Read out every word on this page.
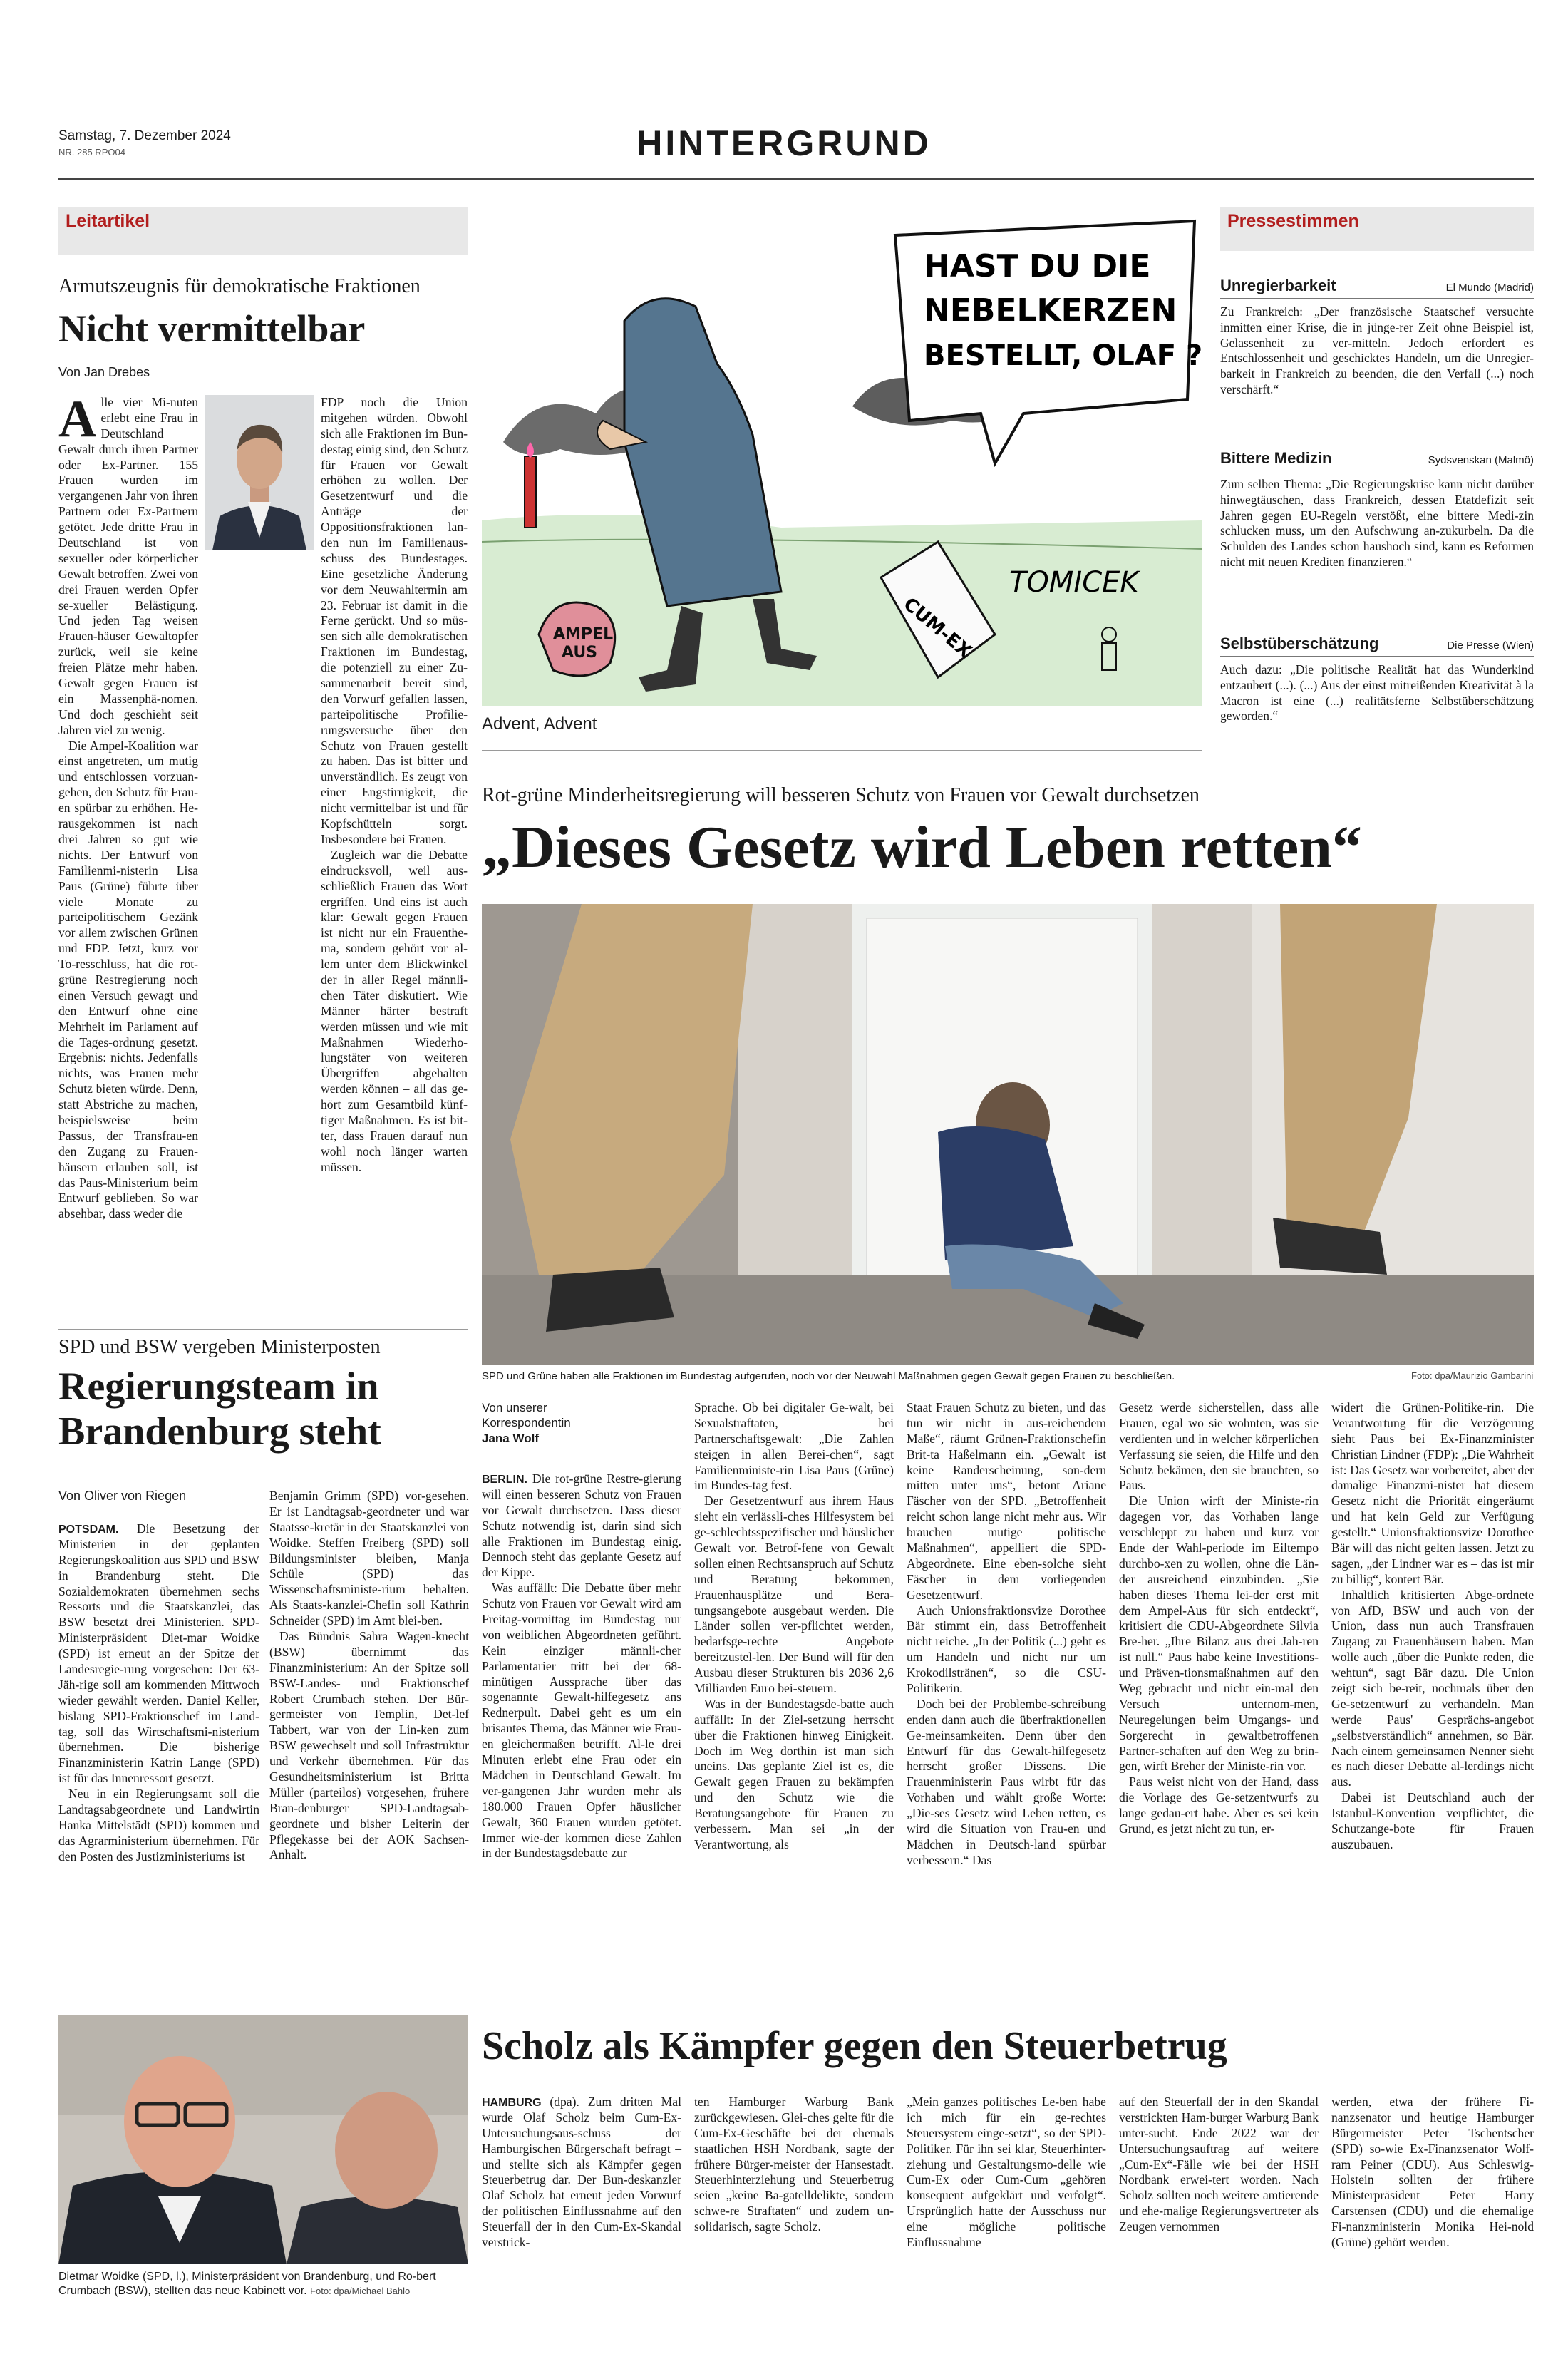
Samstag, 7. Dezember 2024
NR. 285 RPO04	HINTERGRUND
Leitartikel
Armutszeugnis für demokratische Fraktionen
Nicht vermittelbar
Von Jan Drebes
A lle vier Mi-nuten erlebt eine Frau in Deutschland Gewalt durch ihren Partner oder Ex-Partner. 155 Frauen wurden im vergangenen Jahr von ihren Partnern oder Ex-Partnern getötet. Jede dritte Frau in Deutschland ist von sexueller oder körperlicher Gewalt betroffen. Zwei von drei Frauen werden Opfer se-xueller Belästigung. Und jeden Tag weisen Frauen-häuser Gewaltopfer zurück, weil sie keine freien Plätze mehr haben. Gewalt gegen Frauen ist ein Massenphä-nomen. Und doch geschieht seit Jahren viel zu wenig.

Die Ampel-Koalition war einst angetreten, um mutig und entschlossen vorzuan-gehen, den Schutz für Frau-en spürbar zu erhöhen. He-rausgekommen ist nach drei Jahren so gut wie nichts. Der Entwurf von Familienmi-nisterin Lisa Paus (Grüne) führte über viele Monate zu parteipolitischem Gezänk vor allem zwischen Grünen und FDP. Jetzt, kurz vor To-resschluss, hat die rot-grüne Restregierung noch einen Versuch gewagt und den Entwurf ohne eine Mehrheit im Parlament auf die Tages-ordnung gesetzt. Ergebnis: nichts. Jedenfalls nichts, was Frauen mehr Schutz bieten würde. Denn, statt Abstriche zu machen, beispielsweise beim Passus, der Transfrau-en den Zugang zu Frauen-häusern erlauben soll, ist das Paus-Ministerium beim Entwurf geblieben. So war absehbar, dass weder die

FDP noch die Union mitgehen würden. Obwohl sich alle Fraktionen im Bun-destag einig sind, den Schutz für Frauen vor Gewalt erhöhen zu wollen. Der Gesetzentwurf und die Anträge der Oppositionsfraktionen lan-den nun im Familienaus-schuss des Bundestages. Eine gesetzliche Änderung vor dem Neuwahltermin am 23. Februar ist damit in die Ferne gerückt. Und so müs-sen sich alle demokratischen Fraktionen im Bundestag, die potenziell zu einer Zu-sammenarbeit bereit sind, den Vorwurf gefallen lassen, parteipolitische Profilie-rungsversuche über den Schutz von Frauen gestellt zu haben. Das ist bitter und unverständlich. Es zeugt von einer Engstirnigkeit, die nicht vermittelbar ist und für Kopfschütteln sorgt. Insbesondere bei Frauen.

Zugleich war die Debatte eindrucksvoll, weil aus-schließlich Frauen das Wort ergriffen. Und eins ist auch klar: Gewalt gegen Frauen ist nicht nur ein Frauenthe-ma, sondern gehört vor al-lem unter dem Blickwinkel der in aller Regel männli-chen Täter diskutiert. Wie Männer härter bestraft werden müssen und wie mit Maßnahmen Wiederho-lungstäter von weiteren Übergriffen abgehalten werden können – all das ge-hört zum Gesamtbild künf-tiger Maßnahmen. Es ist bit-ter, dass Frauen darauf nun wohl noch länger warten müssen.

HAST DU DIE
NEBELKERZEN
BESTELLT, OLAF ?
AMPEL
AUS	CUM-EX
TOMICEK
Advent, Advent
Pressestimmen
Unregierbarkeit	El Mundo (Madrid)
Zu Frankreich: „Der französische Staatschef versuchte inmitten einer Krise, die in jünge-rer Zeit ohne Beispiel ist, Gelassenheit zu ver-mitteln. Jedoch erfordert es Entschlossenheit und geschicktes Handeln, um die Unregier-barkeit in Frankreich zu beenden, die den Verfall (...) noch verschärft.“
Bittere Medizin	Sydsvenskan (Malmö)
Zum selben Thema: „Die Regierungskrise kann nicht darüber hinwegtäuschen, dass Frankreich, dessen Etatdefizit seit Jahren gegen EU-Regeln verstößt, eine bittere Medi-zin schlucken muss, um den Aufschwung an-zukurbeln. Da die Schulden des Landes schon haushoch sind, kann es Reformen nicht mit neuen Krediten finanzieren.“
Selbstüberschätzung	Die Presse (Wien)
Auch dazu: „Die politische Realität hat das Wunderkind entzaubert (...). (...) Aus der einst mitreißenden Kreativität à la Macron ist eine (...) realitätsferne Selbstüberschätzung geworden.“
Rot-grüne Minderheitsregierung will besseren Schutz von Frauen vor Gewalt durchsetzen
„Dieses Gesetz wird Leben retten“
SPD und Grüne haben alle Fraktionen im Bundestag aufgerufen, noch vor der Neuwahl Maßnahmen gegen Gewalt gegen Frauen zu beschließen.	Foto: dpa/Maurizio Gambarini
Von unserer
Korrespondentin
Jana Wolf

BERLIN. Die rot-grüne Restre-gierung will einen besseren Schutz von Frauen vor Gewalt durchsetzen. Dass dieser Schutz notwendig ist, darin sind sich alle Fraktionen im Bundestag einig. Dennoch steht das geplante Gesetz auf der Kippe.

Was auffällt: Die Debatte über mehr Schutz von Frauen vor Gewalt wird am Freitag-vormittag im Bundestag nur von weiblichen Abgeordneten geführt. Kein einziger männli-cher Parlamentarier tritt bei der 68-minütigen Aussprache über das sogenannte Gewalt-hilfegesetz ans Rednerpult. Dabei geht es um ein brisantes Thema, das Männer wie Frau-en gleichermaßen betrifft. Al-le drei Minuten erlebt eine Frau oder ein Mädchen in Deutschland Gewalt. Im ver-gangenen Jahr wurden mehr als 180.000 Frauen Opfer häuslicher Gewalt, 360 Frauen wurden getötet. Immer wie-der kommen diese Zahlen in der Bundestagsdebatte zur

Sprache. Ob bei digitaler Ge-walt, bei Sexualstraftaten, bei Partnerschaftsgewalt: „Die Zahlen steigen in allen Berei-chen“, sagt Familienministe-rin Lisa Paus (Grüne) im Bundes-tag fest.

Der Gesetzentwurf aus ihrem Haus sieht ein verlässli-ches Hilfesystem bei ge-schlechtsspezifischer und häuslicher Gewalt vor. Betrof-fene von Gewalt sollen einen Rechtsanspruch auf Schutz und Beratung bekommen, Frauenhausplätze und Bera-tungsangebote ausgebaut werden. Die Länder sollen ver-pflichtet werden, bedarfsge-rechte Angebote bereitzustel-len. Der Bund will für den Ausbau dieser Strukturen bis 2036 2,6 Milliarden Euro bei-steuern.

Was in der Bundestagsde-batte auch auffällt: In der Ziel-setzung herrscht über die Fraktionen hinweg Einigkeit. Doch im Weg dorthin ist man sich uneins. Das geplante Ziel ist es, die Gewalt gegen Frauen zu bekämpfen und den Schutz wie die Beratungsangebote für Frauen zu verbessern. Man sei „in der Verantwortung, als

Staat Frauen Schutz zu bieten, und das tun wir nicht in aus-reichendem Maße“, räumt Grünen-Fraktionschefin Brit-ta Haßelmann ein. „Gewalt ist keine Randerscheinung, son-dern mitten unter uns“, betont Ariane Fäscher von der SPD. „Betroffenheit reicht schon lange nicht mehr aus. Wir brauchen mutige politische Maßnahmen“, appelliert die SPD-Abgeordnete. Eine eben-solche sieht Fäscher in dem vorliegenden Gesetzentwurf.

Auch Unionsfraktionsvize Dorothee Bär stimmt ein, dass Betroffenheit nicht reiche. „In der Politik (...) geht es um Handeln und nicht nur um Krokodilstränen“, so die CSU-Politikerin.

Doch bei der Problembe-schreibung enden dann auch die überfraktionellen Ge-meinsamkeiten. Denn über den Entwurf für das Gewalt-hilfegesetz herrscht großer Dissens. Die Frauenministerin Paus wirbt für das Vorhaben und wählt große Worte: „Die-ses Gesetz wird Leben retten, es wird die Situation von Frau-en und Mädchen in Deutsch-land spürbar verbessern.“ Das

Gesetz werde sicherstellen, dass alle Frauen, egal wo sie wohnten, was sie verdienten und in welcher körperlichen Verfassung sie seien, die Hilfe und den Schutz bekämen, den sie brauchten, so Paus.

Die Union wirft der Ministe-rin dagegen vor, das Vorhaben lange verschleppt zu haben und kurz vor Ende der Wahl-periode im Eiltempo durchbo-xen zu wollen, ohne die Län-der ausreichend einzubinden. „Sie haben dieses Thema lei-der erst mit dem Ampel-Aus für sich entdeckt“, kritisiert die CDU-Abgeordnete Silvia Bre-her. „Ihre Bilanz aus drei Jah-ren ist null.“ Paus habe keine Investitions- und Präven-tionsmaßnahmen auf den Weg gebracht und nicht ein-mal den Versuch unternom-men, Neuregelungen beim Umgangs- und Sorgerecht in gewaltbetroffenen Partner-schaften auf den Weg zu brin-gen, wirft Breher der Ministe-rin vor.

Paus weist nicht von der Hand, dass die Vorlage des Ge-setzentwurfs zu lange gedau-ert habe. Aber es sei kein Grund, es jetzt nicht zu tun, er-

widert die Grünen-Politike-rin. Die Verantwortung für die Verzögerung sieht Paus bei Ex-Finanzminister Christian Lindner (FDP): „Die Wahrheit ist: Das Gesetz war vorbereitet, aber der damalige Finanzmi-nister hat diesem Gesetz nicht die Priorität eingeräumt und hat kein Geld zur Verfügung gestellt.“ Unionsfraktionsvize Dorothee Bär will das nicht gelten lassen. Jetzt zu sagen, „der Lindner war es – das ist mir zu billig“, kontert Bär.

Inhaltlich kritisierten Abge-ordnete von AfD, BSW und auch von der Union, dass nun auch Transfrauen Zugang zu Frauenhäusern haben. Man wolle auch „über die Punkte reden, die wehtun“, sagt Bär dazu. Die Union zeigt sich be-reit, nochmals über den Ge-setzentwurf zu verhandeln. Man werde Paus' Gesprächs-angebot „selbstverständlich“ annehmen, so Bär. Nach einem gemeinsamen Nenner sieht es nach dieser Debatte al-lerdings nicht aus.

Dabei ist Deutschland auch der Istanbul-Konvention verpflichtet, die Schutzange-bote für Frauen auszubauen.

SPD und BSW vergeben Ministerposten
Regierungsteam in
Brandenburg steht
Von Oliver von Riegen

POTSDAM. Die Besetzung der Ministerien in der geplanten Regierungskoalition aus SPD und BSW in Brandenburg steht. Die Sozialdemokraten übernehmen sechs Ressorts und die Staatskanzlei, das BSW besetzt drei Ministerien. SPD-Ministerpräsident Diet-mar Woidke (SPD) ist erneut an der Spitze der Landesregie-rung vorgesehen: Der 63-Jäh-rige soll am kommenden Mittwoch wieder gewählt werden. Daniel Keller, bislang SPD-Fraktionschef im Land-tag, soll das Wirtschaftsmi-nisterium übernehmen. Die bisherige Finanzministerin Katrin Lange (SPD) ist für das Innenressort gesetzt.

Neu in ein Regierungsamt soll die Landtagsabgeordnete und Landwirtin Hanka Mittelstädt (SPD) kommen und das Agrarministerium übernehmen. Für den Posten des Justizministeriums ist

Benjamin Grimm (SPD) vor-gesehen. Er ist Landtagsab-geordneter und war Staatsse-kretär in der Staatskanzlei von Woidke. Steffen Freiberg (SPD) soll Bildungsminister bleiben, Manja Schüle (SPD) das Wissenschaftsministe-rium behalten. Als Staats-kanzlei-Chefin soll Kathrin Schneider (SPD) im Amt blei-ben.

Das Bündnis Sahra Wagen-knecht (BSW) übernimmt das Finanzministerium: An der Spitze soll BSW-Landes- und Fraktionschef Robert Crumbach stehen. Der Bür-germeister von Templin, Det-lef Tabbert, war von der Lin-ken zum BSW gewechselt und soll Infrastruktur und Verkehr übernehmen. Für das Gesundheitsministerium ist Britta Müller (parteilos) vorgesehen, frühere Bran-denburger SPD-Landtagsab-geordnete und bisher Leiterin der Pflegekasse bei der AOK Sachsen-Anhalt.

Dietmar Woidke (SPD, l.), Ministerpräsident von Brandenburg, und Ro-bert Crumbach (BSW), stellten das neue Kabinett vor. Foto: dpa/Michael Bahlo
Scholz als Kämpfer gegen den Steuerbetrug
HAMBURG (dpa). Zum dritten Mal wurde Olaf Scholz beim Cum-Ex-Untersuchungsaus-schuss der Hamburgischen Bürgerschaft befragt – und stellte sich als Kämpfer gegen Steuerbetrug dar. Der Bun-deskanzler Olaf Scholz hat erneut jeden Vorwurf der politischen Einflussnahme auf den Steuerfall der in den Cum-Ex-Skandal verstrick-
ten Hamburger Warburg Bank zurückgewiesen. Glei-ches gelte für die Cum-Ex-Geschäfte bei der ehemals staatlichen HSH Nordbank, sagte der frühere Bürger-meister der Hansestadt. Steuerhinterziehung und Steuerbetrug seien „keine Ba-gatelldelikte, sondern schwe-re Straftaten“ und zudem un-solidarisch, sagte Scholz.
„Mein ganzes politisches Le-ben habe ich mich für ein ge-rechtes Steuersystem einge-setzt“, so der SPD-Politiker. Für ihn sei klar, Steuerhinter-ziehung und Gestaltungsmo-delle wie Cum-Ex oder Cum-Cum „gehören konsequent aufgeklärt und verfolgt“. Ursprünglich hatte der Ausschuss nur eine mögliche politische Einflussnahme
auf den Steuerfall der in den Skandal verstrickten Ham-burger Warburg Bank unter-sucht. Ende 2022 war der Untersuchungsauftrag auf weitere „Cum-Ex“-Fälle wie bei der HSH Nordbank erwei-tert worden. Nach Scholz sollten noch weitere amtierende und ehe-malige Regierungsvertreter als Zeugen vernommen
werden, etwa der frühere Fi-nanzsenator und heutige Hamburger Bürgermeister Peter Tschentscher (SPD) so-wie Ex-Finanzsenator Wolf-ram Peiner (CDU). Aus Schleswig-Holstein sollten der frühere Ministerpräsident Peter Harry Carstensen (CDU) und die ehemalige Fi-nanzministerin Monika Hei-nold (Grüne) gehört werden.
